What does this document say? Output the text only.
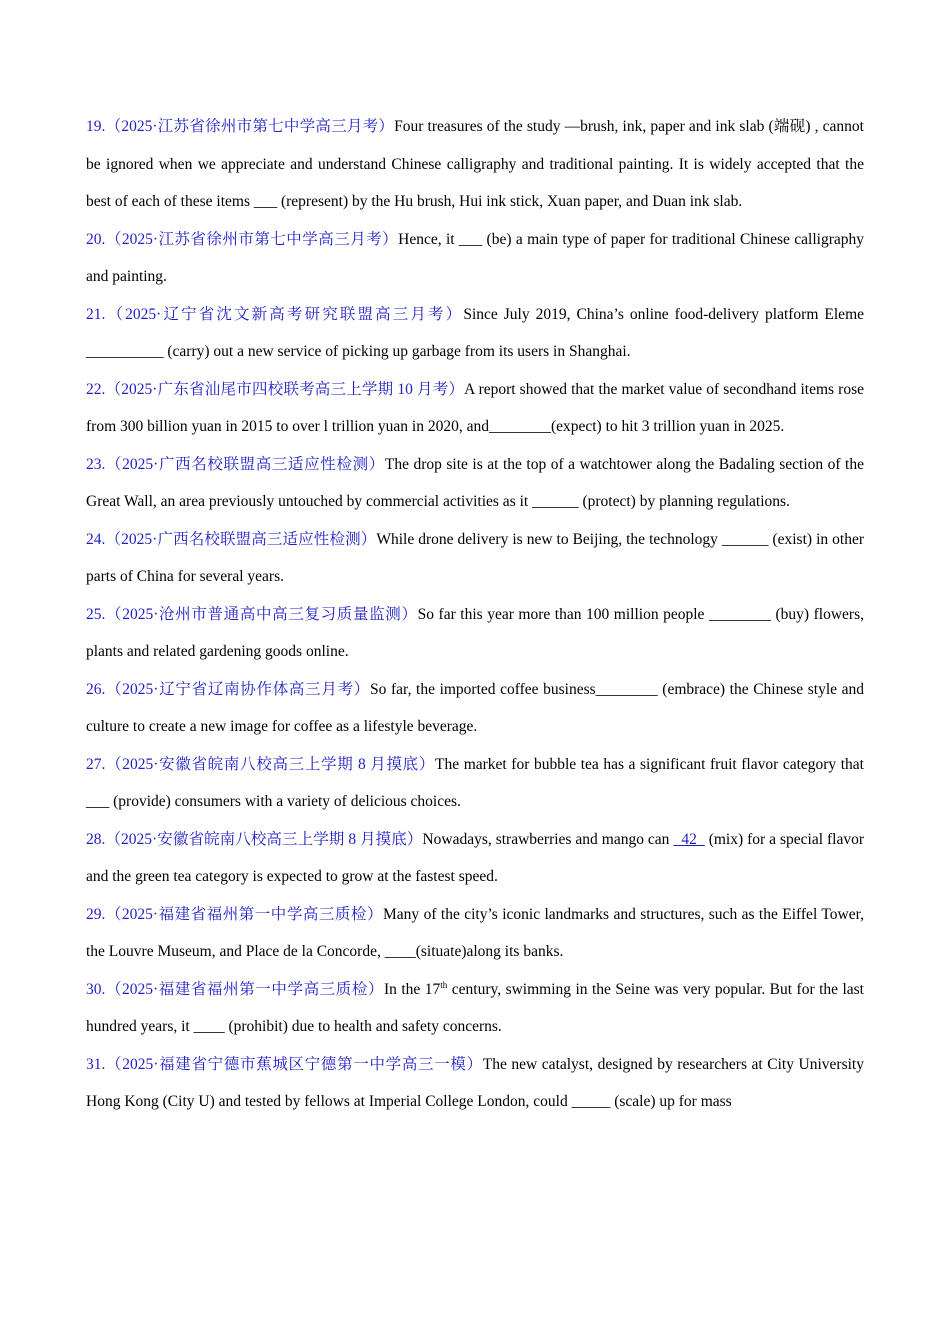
19.（2025·江苏省徐州市第七中学高三月考）Four treasures of the study —brush, ink, paper and ink slab (端砚) , cannot be ignored when we appreciate and understand Chinese calligraphy and traditional painting. It is widely accepted that the best of each of these items ___ (represent) by the Hu brush, Hui ink stick, Xuan paper, and Duan ink slab.

20.（2025·江苏省徐州市第七中学高三月考）Hence, it ___ (be) a main type of paper for traditional Chinese calligraphy and painting.

21.（2025·辽宁省沈文新高考研究联盟高三月考）Since July 2019, China’s online food-delivery platform Eleme __________ (carry) out a new service of picking up garbage from its users in Shanghai.

22.（2025·广东省汕尾市四校联考高三上学期 10 月考）A report showed that the market value of secondhand items rose from 300 billion yuan in 2015 to over l trillion yuan in 2020, and________(expect) to hit 3 trillion yuan in 2025.

23.（2025·广西名校联盟高三适应性检测）The drop site is at the top of a watchtower along the Badaling section of the Great Wall, an area previously untouched by commercial activities as it ______ (protect) by planning regulations.

24.（2025·广西名校联盟高三适应性检测）While drone delivery is new to Beijing, the technology ______ (exist) in other parts of China for several years.

25.（2025·沧州市普通高中高三复习质量监测）So far this year more than 100 million people ________ (buy) flowers, plants and related gardening goods online.

26.（2025·辽宁省辽南协作体高三月考）So far, the imported coffee business________ (embrace) the Chinese style and culture to create a new image for coffee as a lifestyle beverage.

27.（2025·安徽省皖南八校高三上学期 8 月摸底）The market for bubble tea has a significant fruit flavor category that ___ (provide) consumers with a variety of delicious choices.

28.（2025·安徽省皖南八校高三上学期 8 月摸底）Nowadays, strawberries and mango can   42   (mix) for a special flavor and the green tea category is expected to grow at the fastest speed.

29.（2025·福建省福州第一中学高三质检）Many of the city’s iconic landmarks and structures, such as the Eiffel Tower, the Louvre Museum, and Place de la Concorde, ____(situate)along its banks.

30.（2025·福建省福州第一中学高三质检）In the 17th century, swimming in the Seine was very popular. But for the last hundred years, it ____ (prohibit) due to health and safety concerns.

31.（2025·福建省宁德市蕉城区宁德第一中学高三一模）The new catalyst, designed by researchers at City University Hong Kong (City U) and tested by fellows at Imperial College London, could _____ (scale) up for mass
